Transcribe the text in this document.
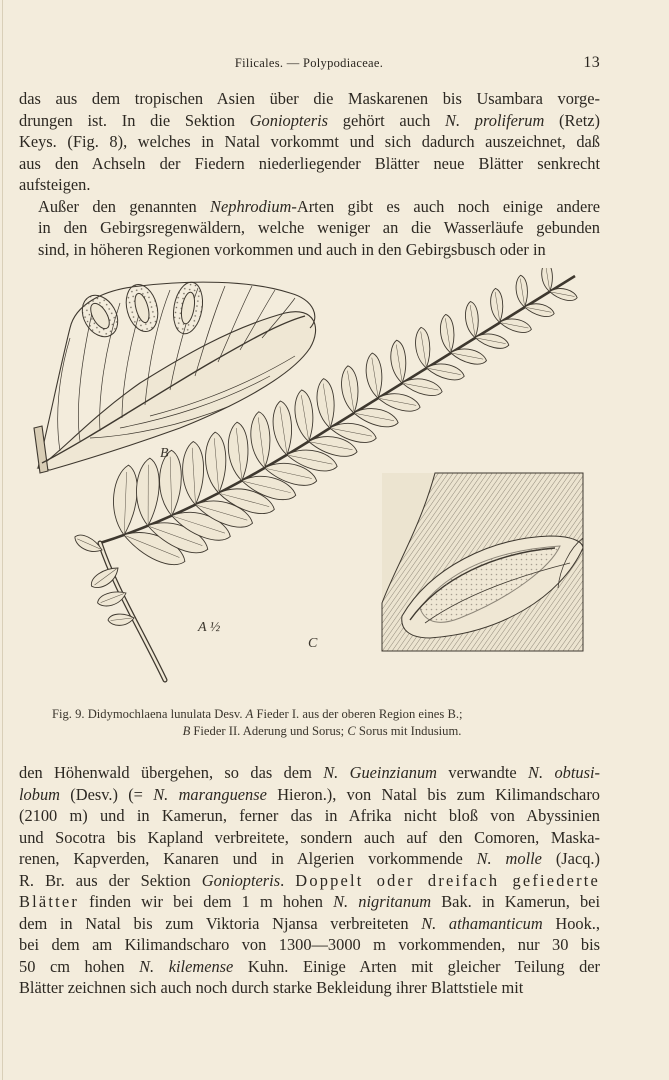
Filicales. — Polypodiaceae.	13

das aus dem tropischen Asien über die Maskarenen bis Usambara vorge-
drungen ist. In die Sektion Goniopteris gehört auch N. proliferum (Retz)
Keys. (Fig. 8), welches in Natal vorkommt und sich dadurch auszeichnet, daß
aus den Achseln der Fiedern niederliegender Blätter neue Blätter senkrecht
aufsteigen.

Außer den genannten Nephrodium-Arten gibt es auch noch einige andere
in den Gebirgsregenwäldern, welche weniger an die Wasserläufe gebunden
sind, in höheren Regionen vorkommen und auch in den Gebirgsbusch oder in

B
A ½
C
Fig. 9. Didymochlaena lunulata Desv. A Fieder I. aus der oberen Region eines B.;
B Fieder II. Aderung und Sorus; C Sorus mit Indusium.

den Höhenwald übergehen, so das dem N. Gueinzianum verwandte N. obtusi-
lobum (Desv.) (= N. maranguense Hieron.), von Natal bis zum Kilimandscharo
(2100 m) und in Kamerun, ferner das in Afrika nicht bloß von Abyssinien
und Socotra bis Kapland verbreitete, sondern auch auf den Comoren, Maska-
renen, Kapverden, Kanaren und in Algerien vorkommende N. molle (Jacq.)
R. Br. aus der Sektion Goniopteris. Doppelt oder dreifach gefiederte
Blätter finden wir bei dem 1 m hohen N. nigritanum Bak. in Kamerun, bei
dem in Natal bis zum Viktoria Njansa verbreiteten N. athamanticum Hook.,
bei dem am Kilimandscharo von 1300—3000 m vorkommenden, nur 30 bis
50 cm hohen N. kilemense Kuhn. Einige Arten mit gleicher Teilung der
Blätter zeichnen sich auch noch durch starke Bekleidung ihrer Blattstiele mit
